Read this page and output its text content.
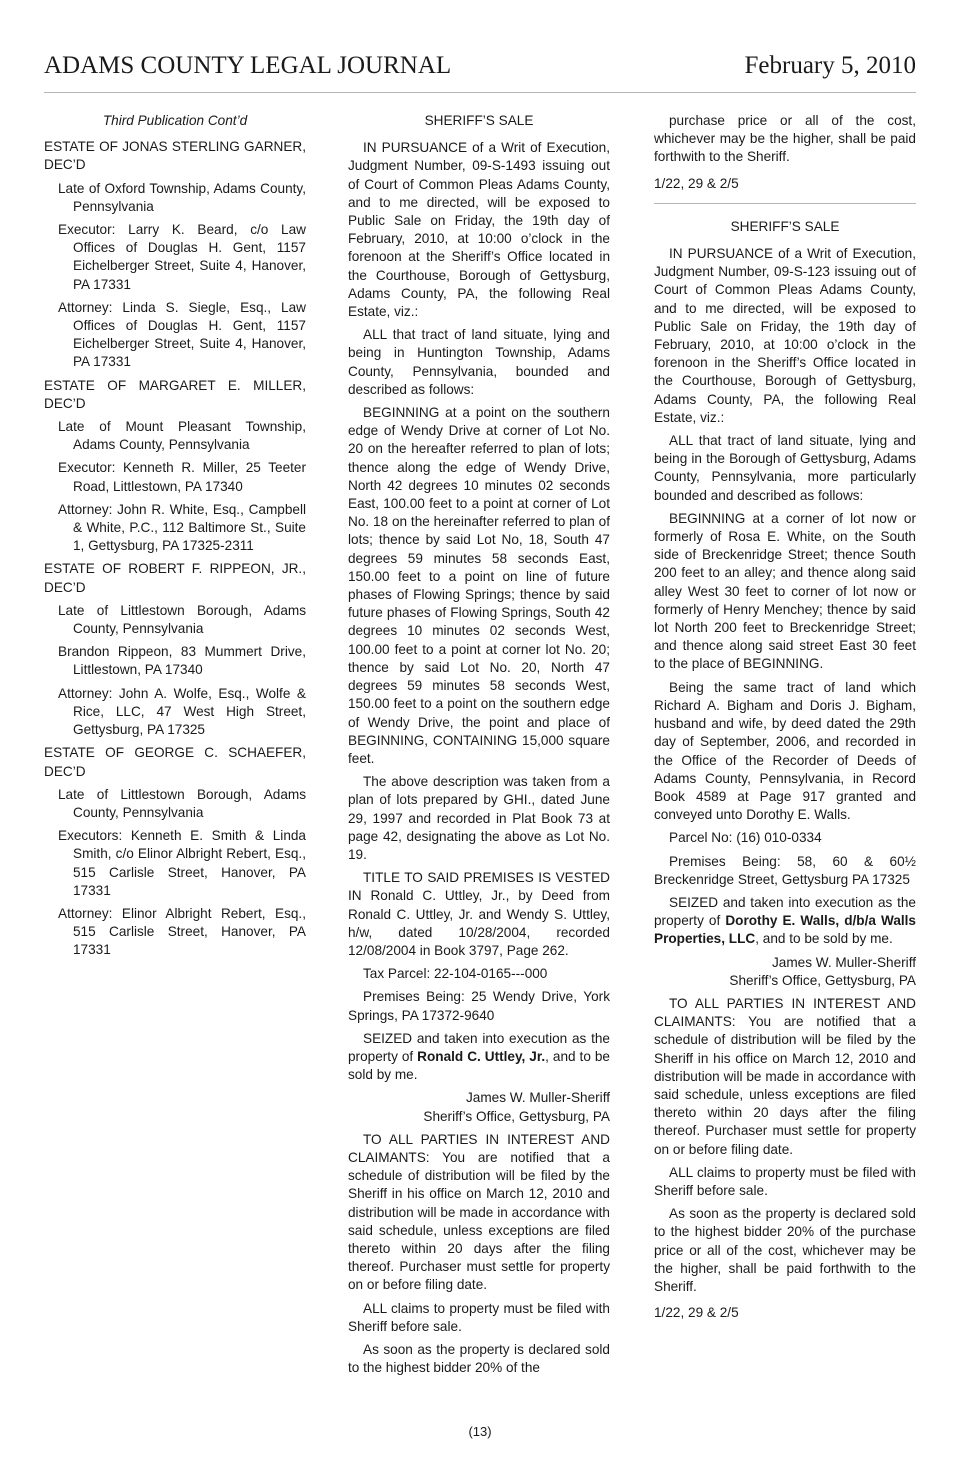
ADAMS COUNTY LEGAL JOURNAL	February 5, 2010

Third Publication Cont’d

ESTATE OF JONAS STERLING GARNER, DEC’D

Late of Oxford Township, Adams County, Pennsylvania

Executor: Larry K. Beard, c/o Law Offices of Douglas H. Gent, 1157 Eichelberger Street, Suite 4, Hanover, PA 17331

Attorney: Linda S. Siegle, Esq., Law Offices of Douglas H. Gent, 1157 Eichelberger Street, Suite 4, Hanover, PA 17331

ESTATE OF MARGARET E. MILLER, DEC’D

Late of Mount Pleasant Township, Adams County, Pennsylvania

Executor: Kenneth R. Miller, 25 Teeter Road, Littlestown, PA 17340

Attorney: John R. White, Esq., Campbell & White, P.C., 112 Baltimore St., Suite 1, Gettysburg, PA 17325-2311

ESTATE OF ROBERT F. RIPPEON, JR., DEC’D

Late of Littlestown Borough, Adams County, Pennsylvania

Brandon Rippeon, 83 Mummert Drive, Littlestown, PA 17340

Attorney: John A. Wolfe, Esq., Wolfe & Rice, LLC, 47 West High Street, Gettysburg, PA 17325

ESTATE OF GEORGE C. SCHAEFER, DEC’D

Late of Littlestown Borough, Adams County, Pennsylvania

Executors: Kenneth E. Smith & Linda Smith, c/o Elinor Albright Rebert, Esq., 515 Carlisle Street, Hanover, PA 17331

Attorney: Elinor Albright Rebert, Esq., 515 Carlisle Street, Hanover, PA 17331

SHERIFF’S SALE

IN PURSUANCE of a Writ of Execution, Judgment Number, 09-S-1493 issuing out of Court of Common Pleas Adams County, and to me directed, will be exposed to Public Sale on Friday, the 19th day of February, 2010, at 10:00 o’clock in the forenoon at the Sheriff’s Office located in the Courthouse, Borough of Gettysburg, Adams County, PA, the following Real Estate, viz.:

ALL that tract of land situate, lying and being in Huntington Township, Adams County, Pennsylvania, bounded and described as follows:

BEGINNING at a point on the southern edge of Wendy Drive at corner of Lot No. 20 on the hereafter referred to plan of lots; thence along the edge of Wendy Drive, North 42 degrees 10 minutes 02 seconds East, 100.00 feet to a point at corner of Lot No. 18 on the hereinafter referred to plan of lots; thence by said Lot No, 18, South 47 degrees 59 minutes 58 seconds East, 150.00 feet to a point on line of future phases of Flowing Springs; thence by said future phases of Flowing Springs, South 42 degrees 10 minutes 02 seconds West, 100.00 feet to a point at corner lot No. 20; thence by said Lot No. 20, North 47 degrees 59 minutes 58 seconds West, 150.00 feet to a point on the southern edge of Wendy Drive, the point and place of BEGINNING, CONTAINING 15,000 square feet.

The above description was taken from a plan of lots prepared by GHI., dated June 29, 1997 and recorded in Plat Book 73 at page 42, designating the above as Lot No. 19.

TITLE TO SAID PREMISES IS VESTED IN Ronald C. Uttley, Jr., by Deed from Ronald C. Uttley, Jr. and Wendy S. Uttley, h/w, dated 10/28/2004, recorded 12/08/2004 in Book 3797, Page 262.

Tax Parcel: 22-104-0165---000

Premises Being: 25 Wendy Drive, York Springs, PA 17372-9640

SEIZED and taken into execution as the property of Ronald C. Uttley, Jr., and to be sold by me.

James W. Muller-Sheriff

Sheriff’s Office, Gettysburg, PA

TO ALL PARTIES IN INTEREST AND CLAIMANTS: You are notified that a schedule of distribution will be filed by the Sheriff in his office on March 12, 2010 and distribution will be made in accordance with said schedule, unless exceptions are filed thereto within 20 days after the filing thereof. Purchaser must settle for property on or before filing date.

ALL claims to property must be filed with Sheriff before sale.

As soon as the property is declared sold to the highest bidder 20% of the

purchase price or all of the cost, whichever may be the higher, shall be paid forthwith to the Sheriff.

1/22, 29 & 2/5

SHERIFF’S SALE

IN PURSUANCE of a Writ of Execution, Judgment Number, 09-S-123 issuing out of Court of Common Pleas Adams County, and to me directed, will be exposed to Public Sale on Friday, the 19th day of February, 2010, at 10:00 o’clock in the forenoon in the Sheriff’s Office located in the Courthouse, Borough of Gettysburg, Adams County, PA, the following Real Estate, viz.:

ALL that tract of land situate, lying and being in the Borough of Gettysburg, Adams County, Pennsylvania, more particularly bounded and described as follows:

BEGINNING at a corner of lot now or formerly of Rosa E. White, on the South side of Breckenridge Street; thence South 200 feet to an alley; and thence along said alley West 30 feet to corner of lot now or formerly of Henry Menchey; thence by said lot North 200 feet to Breckenridge Street; and thence along said street East 30 feet to the place of BEGINNING.

Being the same tract of land which Richard A. Bigham and Doris J. Bigham, husband and wife, by deed dated the 29th day of September, 2006, and recorded in the Office of the Recorder of Deeds of Adams County, Pennsylvania, in Record Book 4589 at Page 917 granted and conveyed unto Dorothy E. Walls.

Parcel No: (16) 010-0334

Premises Being: 58, 60 & 60½ Breckenridge Street, Gettysburg PA 17325

SEIZED and taken into execution as the property of Dorothy E. Walls, d/b/a Walls Properties, LLC, and to be sold by me.

James W. Muller-Sheriff

Sheriff’s Office, Gettysburg, PA

TO ALL PARTIES IN INTEREST AND CLAIMANTS: You are notified that a schedule of distribution will be filed by the Sheriff in his office on March 12, 2010 and distribution will be made in accordance with said schedule, unless exceptions are filed thereto within 20 days after the filing thereof. Purchaser must settle for property on or before filing date.

ALL claims to property must be filed with Sheriff before sale.

As soon as the property is declared sold to the highest bidder 20% of the purchase price or all of the cost, whichever may be the higher, shall be paid forthwith to the Sheriff.

1/22, 29 & 2/5

(13)
